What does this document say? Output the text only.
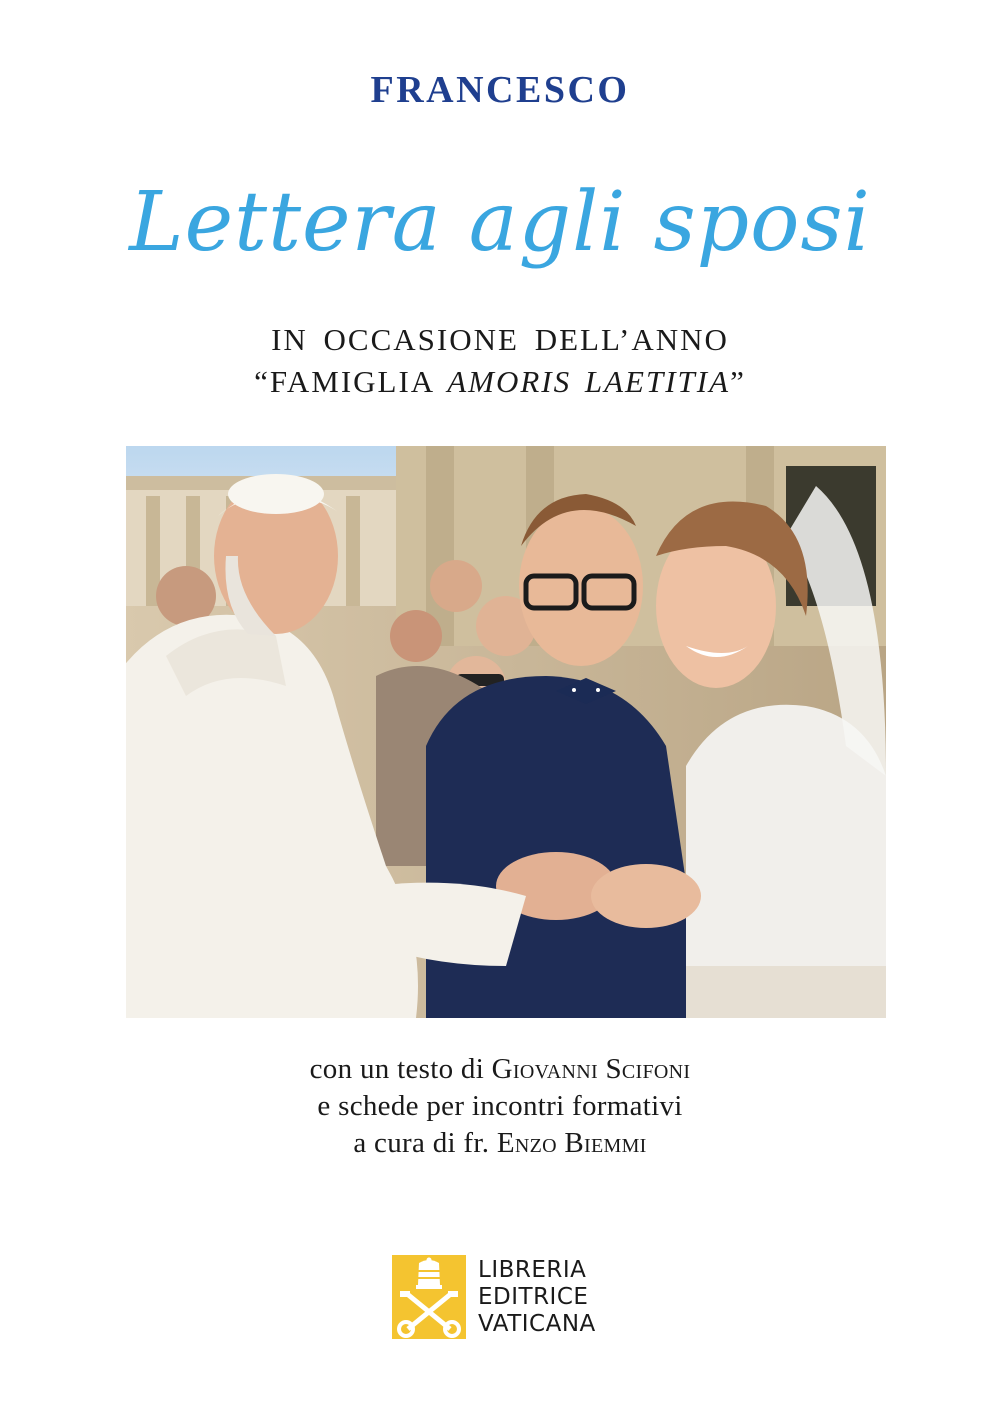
FRANCESCO
Lettera agli sposi
IN OCCASIONE DELL’ANNO
“FAMIGLIA AMORIS LAETITIA”
con un testo di Giovanni Scifoni
e schede per incontri formativi
a cura di fr. Enzo Biemmi
LIBRERIA
EDITRICE
VATICANA
